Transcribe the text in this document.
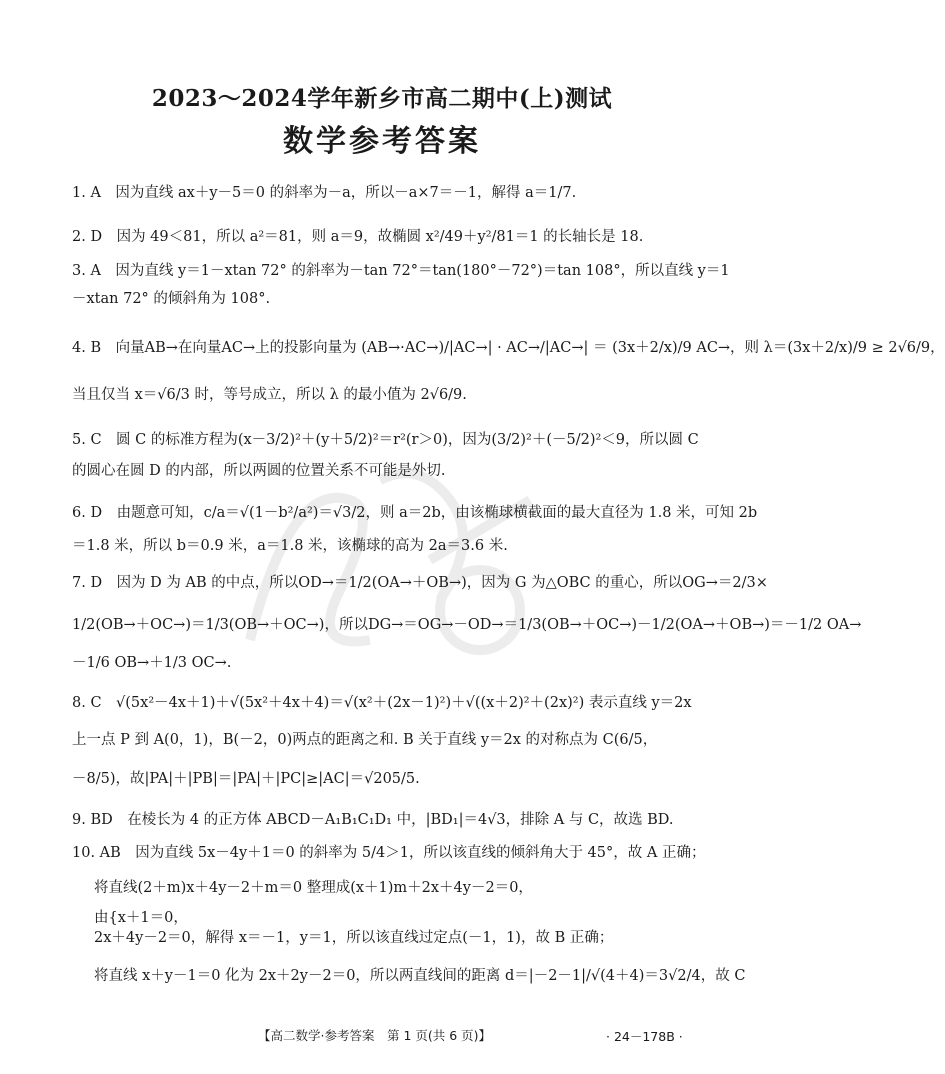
2023～2024学年新乡市高二期中(上)测试
数学参考答案
1. A　因为直线 ax＋y－5＝0 的斜率为－a，所以－a×7＝－1，解得 a＝1/7.
2. D　因为 49＜81，所以 a²＝81，则 a＝9，故椭圆 x²/49＋y²/81＝1 的长轴长是 18.
3. A　因为直线 y＝1－xtan 72° 的斜率为－tan 72°＝tan(180°－72°)＝tan 108°，所以直线 y＝1
－xtan 72° 的倾斜角为 108°.
4. B　向量AB→在向量AC→上的投影向量为 (AB→·AC→)/|AC→| · AC→/|AC→| ＝ (3x＋2/x)/9 AC→，则 λ＝(3x＋2/x)/9 ≥ 2√6/9，
当且仅当 x＝√6/3 时，等号成立，所以 λ 的最小值为 2√6/9.
5. C　圆 C 的标准方程为(x－3/2)²＋(y＋5/2)²＝r²(r＞0)，因为(3/2)²＋(－5/2)²＜9，所以圆 C
的圆心在圆 D 的内部，所以两圆的位置关系不可能是外切.
6. D　由题意可知，c/a＝√(1－b²/a²)＝√3/2，则 a＝2b，由该椭球横截面的最大直径为 1.8 米，可知 2b
＝1.8 米，所以 b＝0.9 米，a＝1.8 米，该椭球的高为 2a＝3.6 米.
7. D　因为 D 为 AB 的中点，所以OD→＝1/2(OA→＋OB→)，因为 G 为△OBC 的重心，所以OG→＝2/3×
1/2(OB→＋OC→)＝1/3(OB→＋OC→)，所以DG→＝OG→－OD→＝1/3(OB→＋OC→)－1/2(OA→＋OB→)＝－1/2 OA→
－1/6 OB→＋1/3 OC→.
8. C　√(5x²－4x＋1)＋√(5x²＋4x＋4)＝√(x²＋(2x－1)²)＋√((x＋2)²＋(2x)²) 表示直线 y＝2x
上一点 P 到 A(0，1)，B(－2，0)两点的距离之和. B 关于直线 y＝2x 的对称点为 C(6/5，
－8/5)，故|PA|＋|PB|＝|PA|＋|PC|≥|AC|＝√205/5.
9. BD　在棱长为 4 的正方体 ABCD－A₁B₁C₁D₁ 中，|BD₁|＝4√3，排除 A 与 C，故选 BD.
10. AB　因为直线 5x－4y＋1＝0 的斜率为 5/4＞1，所以该直线的倾斜角大于 45°，故 A 正确；
将直线(2＋m)x＋4y－2＋m＝0 整理成(x＋1)m＋2x＋4y－2＝0，
由{x＋1＝0，
2x＋4y－2＝0，解得 x＝－1，y＝1，所以该直线过定点(－1，1)，故 B 正确；
将直线 x＋y－1＝0 化为 2x＋2y－2＝0，所以两直线间的距离 d＝|－2－1|/√(4＋4)＝3√2/4，故 C
【高二数学·参考答案　第 1 页(共 6 页)】	· 24－178B ·
